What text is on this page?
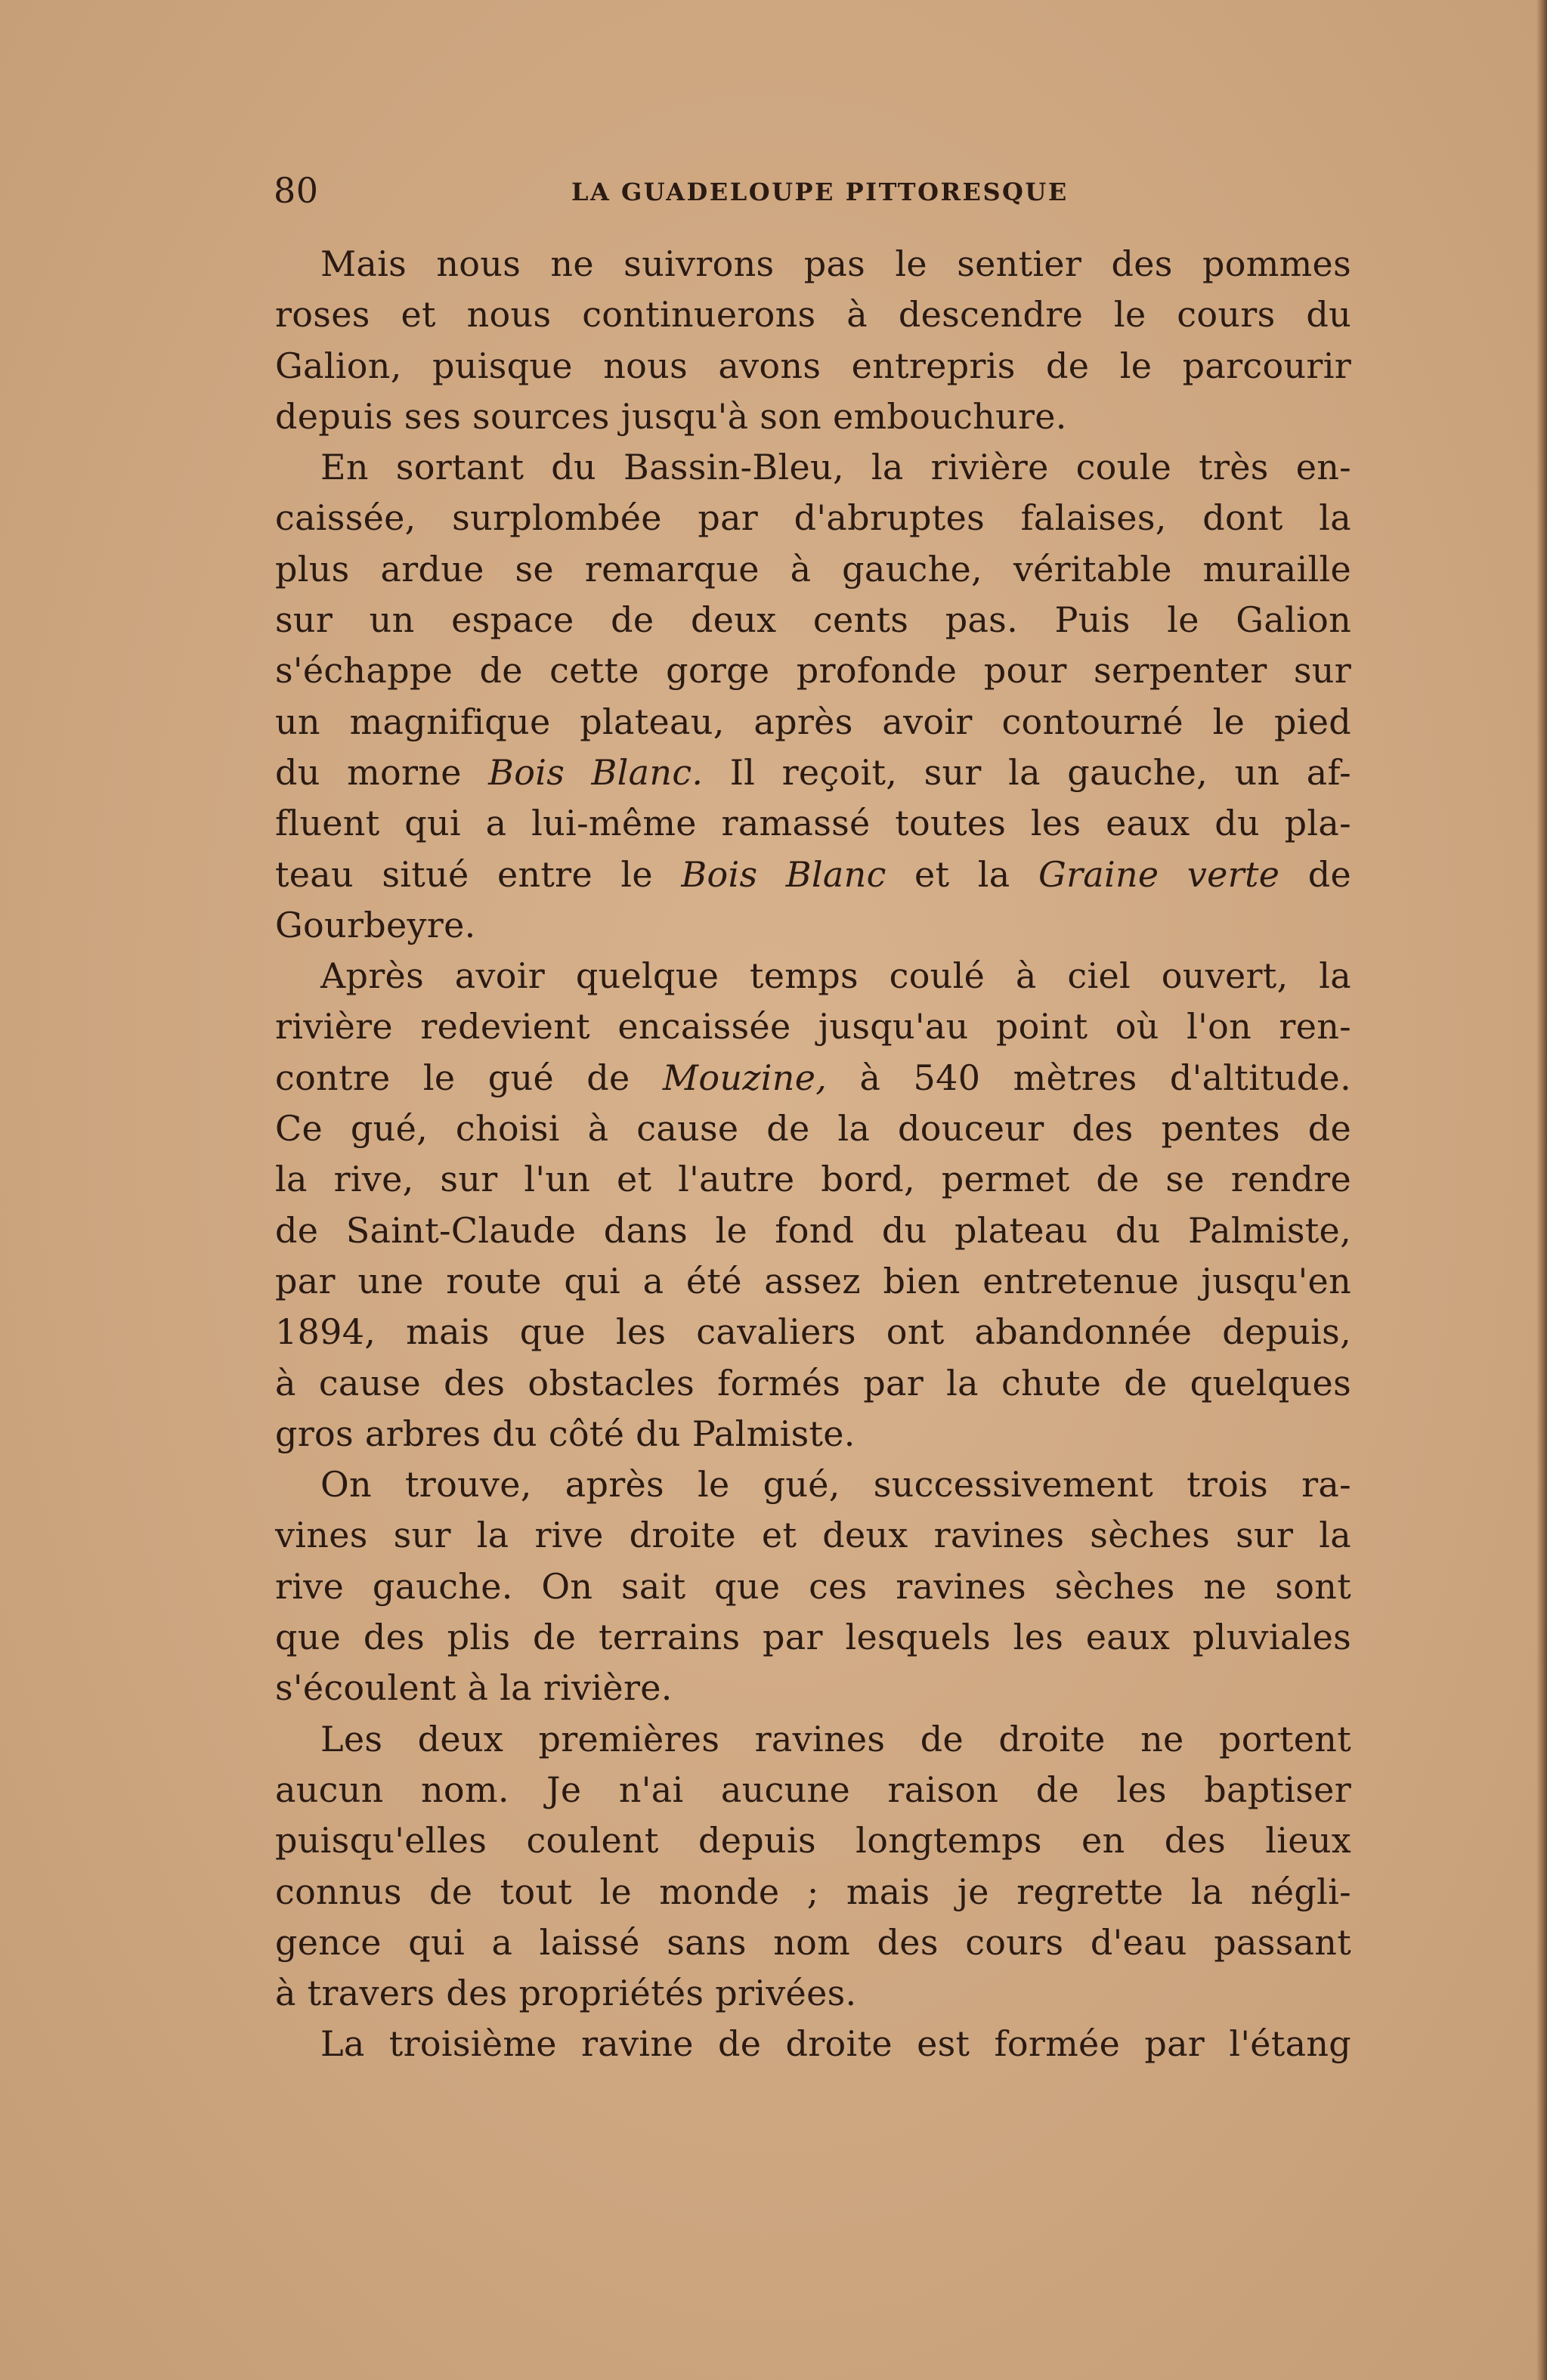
80	LA GUADELOUPE PITTORESQUE
Mais nous ne suivrons pas le sentier des pommes
roses et nous continuerons à descendre le cours du
Galion, puisque nous avons entrepris de le parcourir
depuis ses sources jusqu'à son embouchure.
En sortant du Bassin-Bleu, la rivière coule très en-
caissée, surplombée par d'abruptes falaises, dont la
plus ardue se remarque à gauche, véritable muraille
sur un espace de deux cents pas. Puis le Galion
s'échappe de cette gorge profonde pour serpenter sur
un magnifique plateau, après avoir contourné le pied
du morne Bois Blanc. Il reçoit, sur la gauche, un af-
fluent qui a lui-même ramassé toutes les eaux du pla-
teau situé entre le Bois Blanc et la Graine verte de
Gourbeyre.
Après avoir quelque temps coulé à ciel ouvert, la
rivière redevient encaissée jusqu'au point où l'on ren-
contre le gué de Mouzine, à 540 mètres d'altitude.
Ce gué, choisi à cause de la douceur des pentes de
la rive, sur l'un et l'autre bord, permet de se rendre
de Saint-Claude dans le fond du plateau du Palmiste,
par une route qui a été assez bien entretenue jusqu'en
1894, mais que les cavaliers ont abandonnée depuis,
à cause des obstacles formés par la chute de quelques
gros arbres du côté du Palmiste.
On trouve, après le gué, successivement trois ra-
vines sur la rive droite et deux ravines sèches sur la
rive gauche. On sait que ces ravines sèches ne sont
que des plis de terrains par lesquels les eaux pluviales
s'écoulent à la rivière.
Les deux premières ravines de droite ne portent
aucun nom. Je n'ai aucune raison de les baptiser
puisqu'elles coulent depuis longtemps en des lieux
connus de tout le monde ; mais je regrette la négli-
gence qui a laissé sans nom des cours d'eau passant
à travers des propriétés privées.
La troisième ravine de droite est formée par l'étang
